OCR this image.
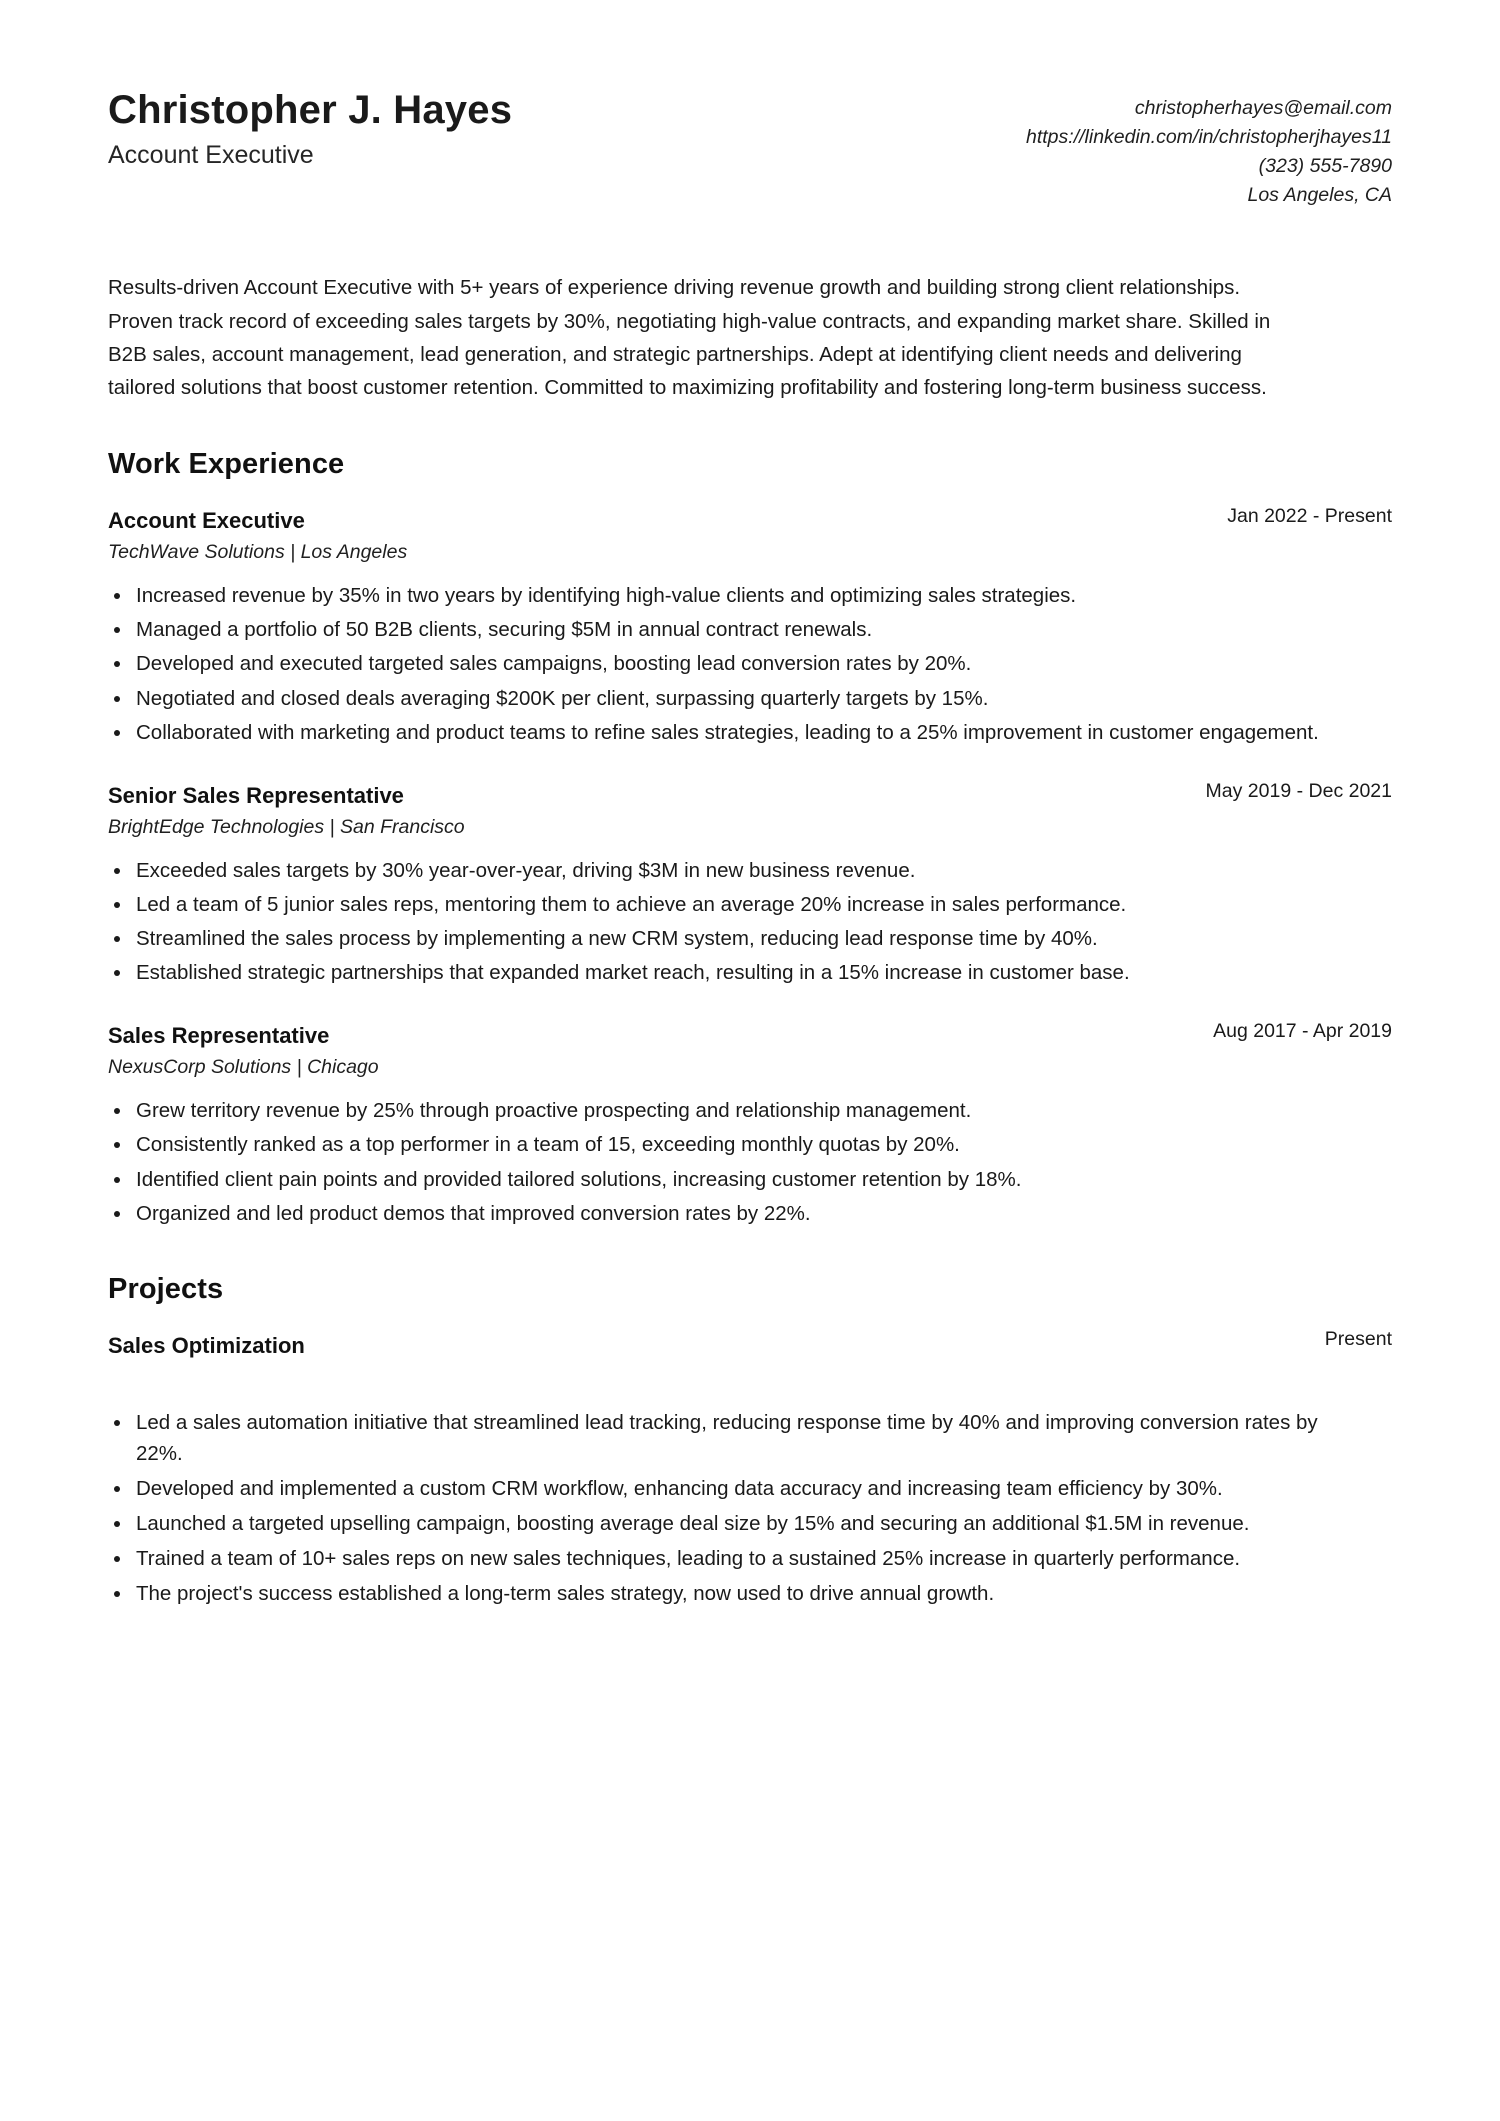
Christopher J. Hayes
Account Executive
christopherhayes@email.com
https://linkedin.com/in/christopherjhayes11
(323) 555-7890
Los Angeles, CA
Results-driven Account Executive with 5+ years of experience driving revenue growth and building strong client relationships. Proven track record of exceeding sales targets by 30%, negotiating high-value contracts, and expanding market share. Skilled in B2B sales, account management, lead generation, and strategic partnerships. Adept at identifying client needs and delivering tailored solutions that boost customer retention. Committed to maximizing profitability and fostering long-term business success.
Work Experience
Account Executive	Jan 2022 - Present
TechWave Solutions | Los Angeles
Increased revenue by 35% in two years by identifying high-value clients and optimizing sales strategies.
Managed a portfolio of 50 B2B clients, securing $5M in annual contract renewals.
Developed and executed targeted sales campaigns, boosting lead conversion rates by 20%.
Negotiated and closed deals averaging $200K per client, surpassing quarterly targets by 15%.
Collaborated with marketing and product teams to refine sales strategies, leading to a 25% improvement in customer engagement.
Senior Sales Representative	May 2019 - Dec 2021
BrightEdge Technologies | San Francisco
Exceeded sales targets by 30% year-over-year, driving $3M in new business revenue.
Led a team of 5 junior sales reps, mentoring them to achieve an average 20% increase in sales performance.
Streamlined the sales process by implementing a new CRM system, reducing lead response time by 40%.
Established strategic partnerships that expanded market reach, resulting in a 15% increase in customer base.
Sales Representative	Aug 2017 - Apr 2019
NexusCorp Solutions | Chicago
Grew territory revenue by 25% through proactive prospecting and relationship management.
Consistently ranked as a top performer in a team of 15, exceeding monthly quotas by 20%.
Identified client pain points and provided tailored solutions, increasing customer retention by 18%.
Organized and led product demos that improved conversion rates by 22%.
Projects
Sales Optimization	Present
Led a sales automation initiative that streamlined lead tracking, reducing response time by 40% and improving conversion rates by 22%.
Developed and implemented a custom CRM workflow, enhancing data accuracy and increasing team efficiency by 30%.
Launched a targeted upselling campaign, boosting average deal size by 15% and securing an additional $1.5M in revenue.
Trained a team of 10+ sales reps on new sales techniques, leading to a sustained 25% increase in quarterly performance.
The project's success established a long-term sales strategy, now used to drive annual growth.
